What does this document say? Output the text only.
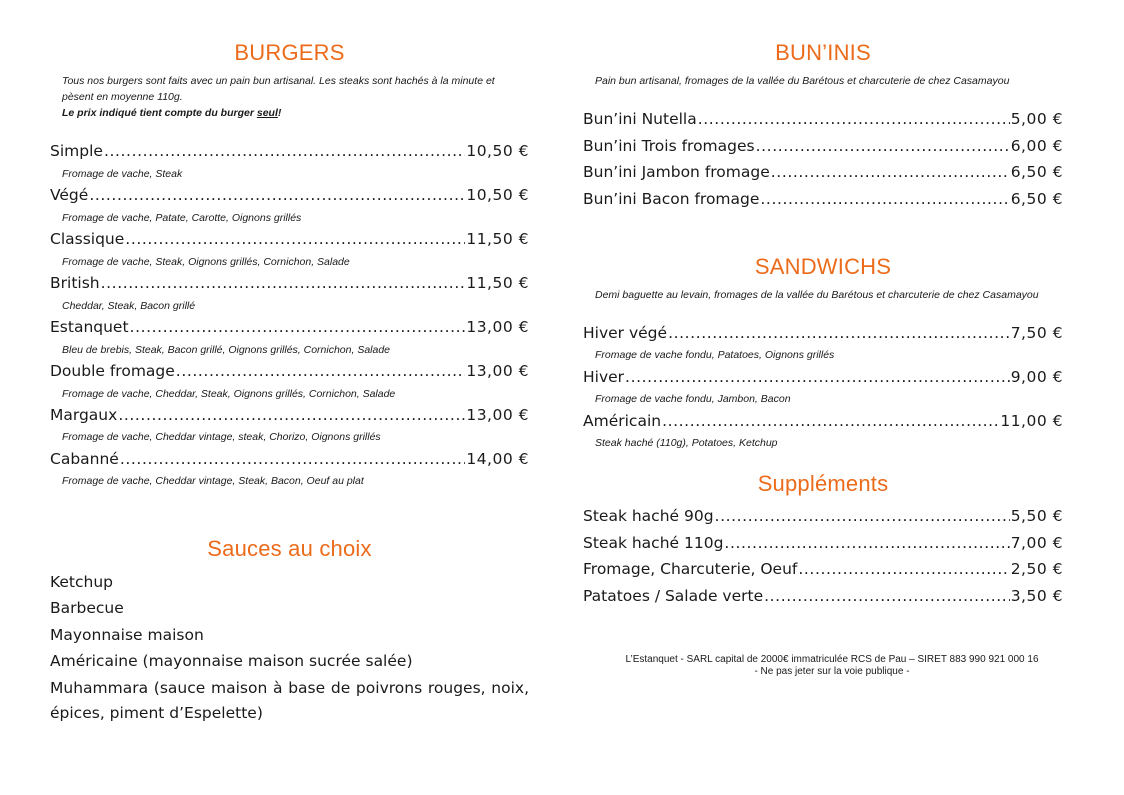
BURGERS
Tous nos burgers sont faits avec un pain bun artisanal. Les steaks sont hachés à la minute et
pèsent en moyenne 110g.
Le prix indiqué tient compte du burger seul!
Simple .....	10,50 €
Fromage de vache, Steak
Végé .....	10,50 €
Fromage de vache, Patate, Carotte, Oignons grillés
Classique .....	11,50 €
Fromage de vache, Steak, Oignons grillés, Cornichon, Salade
British .....	11,50 €
Cheddar, Steak, Bacon grillé
Estanquet .....	13,00 €
Bleu de brebis, Steak, Bacon grillé, Oignons grillés, Cornichon, Salade
Double fromage .....	13,00 €
Fromage de vache, Cheddar, Steak, Oignons grillés, Cornichon, Salade
Margaux .....	13,00 €
Fromage de vache, Cheddar vintage, steak, Chorizo, Oignons grillés
Cabanné .....	14,00 €
Fromage de vache, Cheddar vintage, Steak, Bacon, Oeuf au plat
Sauces au choix
Ketchup
Barbecue
Mayonnaise maison
Américaine (mayonnaise maison sucrée salée)
Muhammara (sauce maison à base de poivrons rouges, noix,
épices, piment d’Espelette)
BUN’INIS
Pain bun artisanal, fromages de la vallée du Barétous et charcuterie de chez Casamayou
Bun’ini Nutella .....	5,00 €
Bun’ini Trois fromages .....	6,00 €
Bun’ini Jambon fromage .....	6,50 €
Bun’ini Bacon fromage .....	6,50 €
SANDWICHS
Demi baguette au levain, fromages de la vallée du Barétous et charcuterie de chez Casamayou
Hiver végé .....	7,50 €
Fromage de vache fondu, Patatoes, Oignons grillés
Hiver .....	9,00 €
Fromage de vache fondu, Jambon, Bacon
Américain .....	11,00 €
Steak haché (110g), Potatoes, Ketchup
Suppléments
Steak haché 90g .....	5,50 €
Steak haché 110g .....	7,00 €
Fromage, Charcuterie, Oeuf .....	2,50 €
Patatoes / Salade verte .....	3,50 €
L’Estanquet - SARL capital de 2000€ immatriculée RCS de Pau – SIRET 883 990 921 000 16
- Ne pas jeter sur la voie publique -
